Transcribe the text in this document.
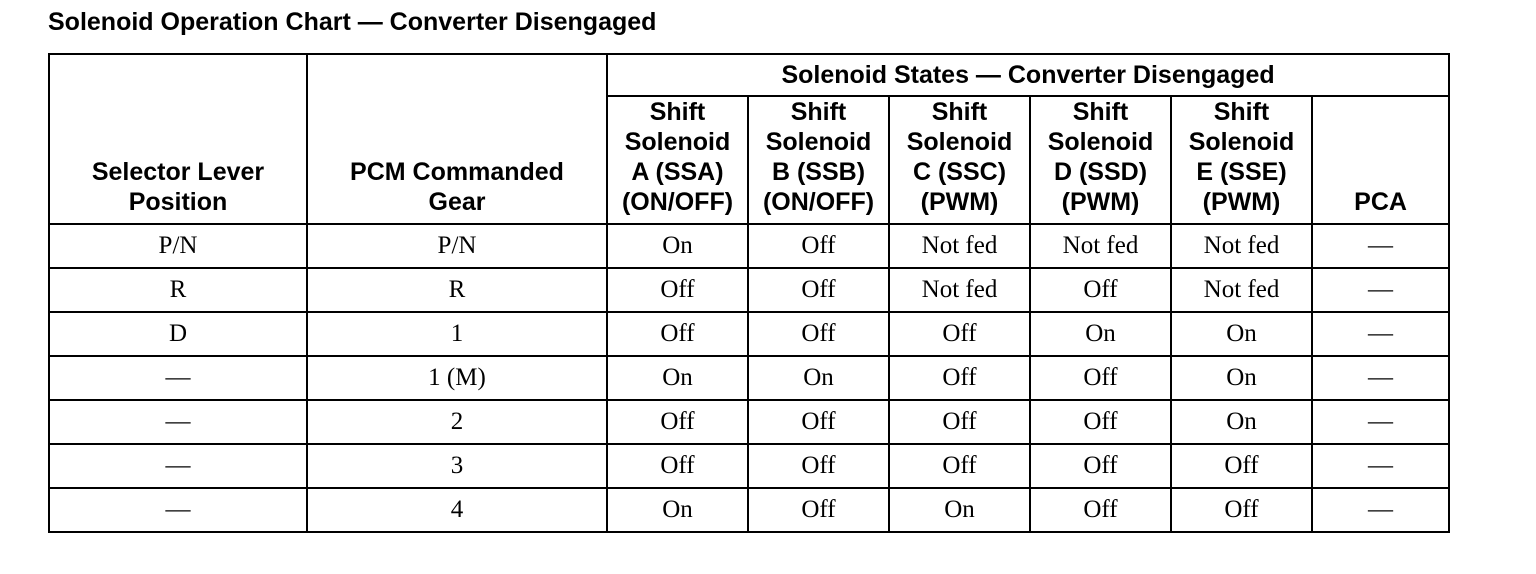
Solenoid Operation Chart — Converter Disengaged
Selector Lever
Position	PCM Commanded
Gear	Solenoid States — Converter Disengaged					

		Shift
Solenoid
A (SSA)
(ON/OFF)	Shift
Solenoid
B (SSB)
(ON/OFF)	Shift
Solenoid
C (SSC)
(PWM)	Shift
Solenoid
D (SSD)
(PWM)	Shift
Solenoid
E (SSE)
(PWM)	PCA
P/N	P/N	On	Off	Not fed	Not fed	Not fed	—
R	R	Off	Off	Not fed	Off	Not fed	—
D	1	Off	Off	Off	On	On	—
—	1 (M)	On	On	Off	Off	On	—
—	2	Off	Off	Off	Off	On	—
—	3	Off	Off	Off	Off	Off	—
—	4	On	Off	On	Off	Off	—
